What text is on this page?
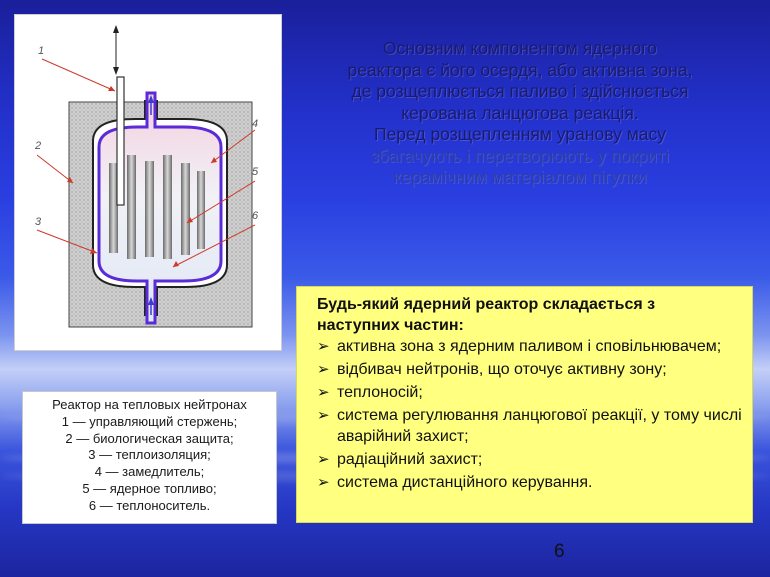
1
2
3
4
5
6
Основним компонентом ядерного
реактора є його осердя, або активна зона,
де розщеплюється паливо і здійснюється
керована ланцюгова реакція.
Перед розщепленням уранову масу
збагачують і перетворюють у покриті
керамічним матеріалом пігулки
Будь-який ядерний реактор складається з наступних частин:
➢ активна зона з ядерним паливом і сповільнювачем;
➢ відбивач нейтронів, що оточує активну зону;
➢ теплоносій;
➢ система регулювання ланцюгової реакції, у тому числі аварійний захист;
➢ радіаційний захист;
➢ система дистанційного керування.
Реактор на тепловых нейтронах
1 — управляющий стержень;
2 — биологическая защита;
3 — теплоизоляция;
4 — замедлитель;
5 — ядерное топливо;
6 — теплоноситель.
6
